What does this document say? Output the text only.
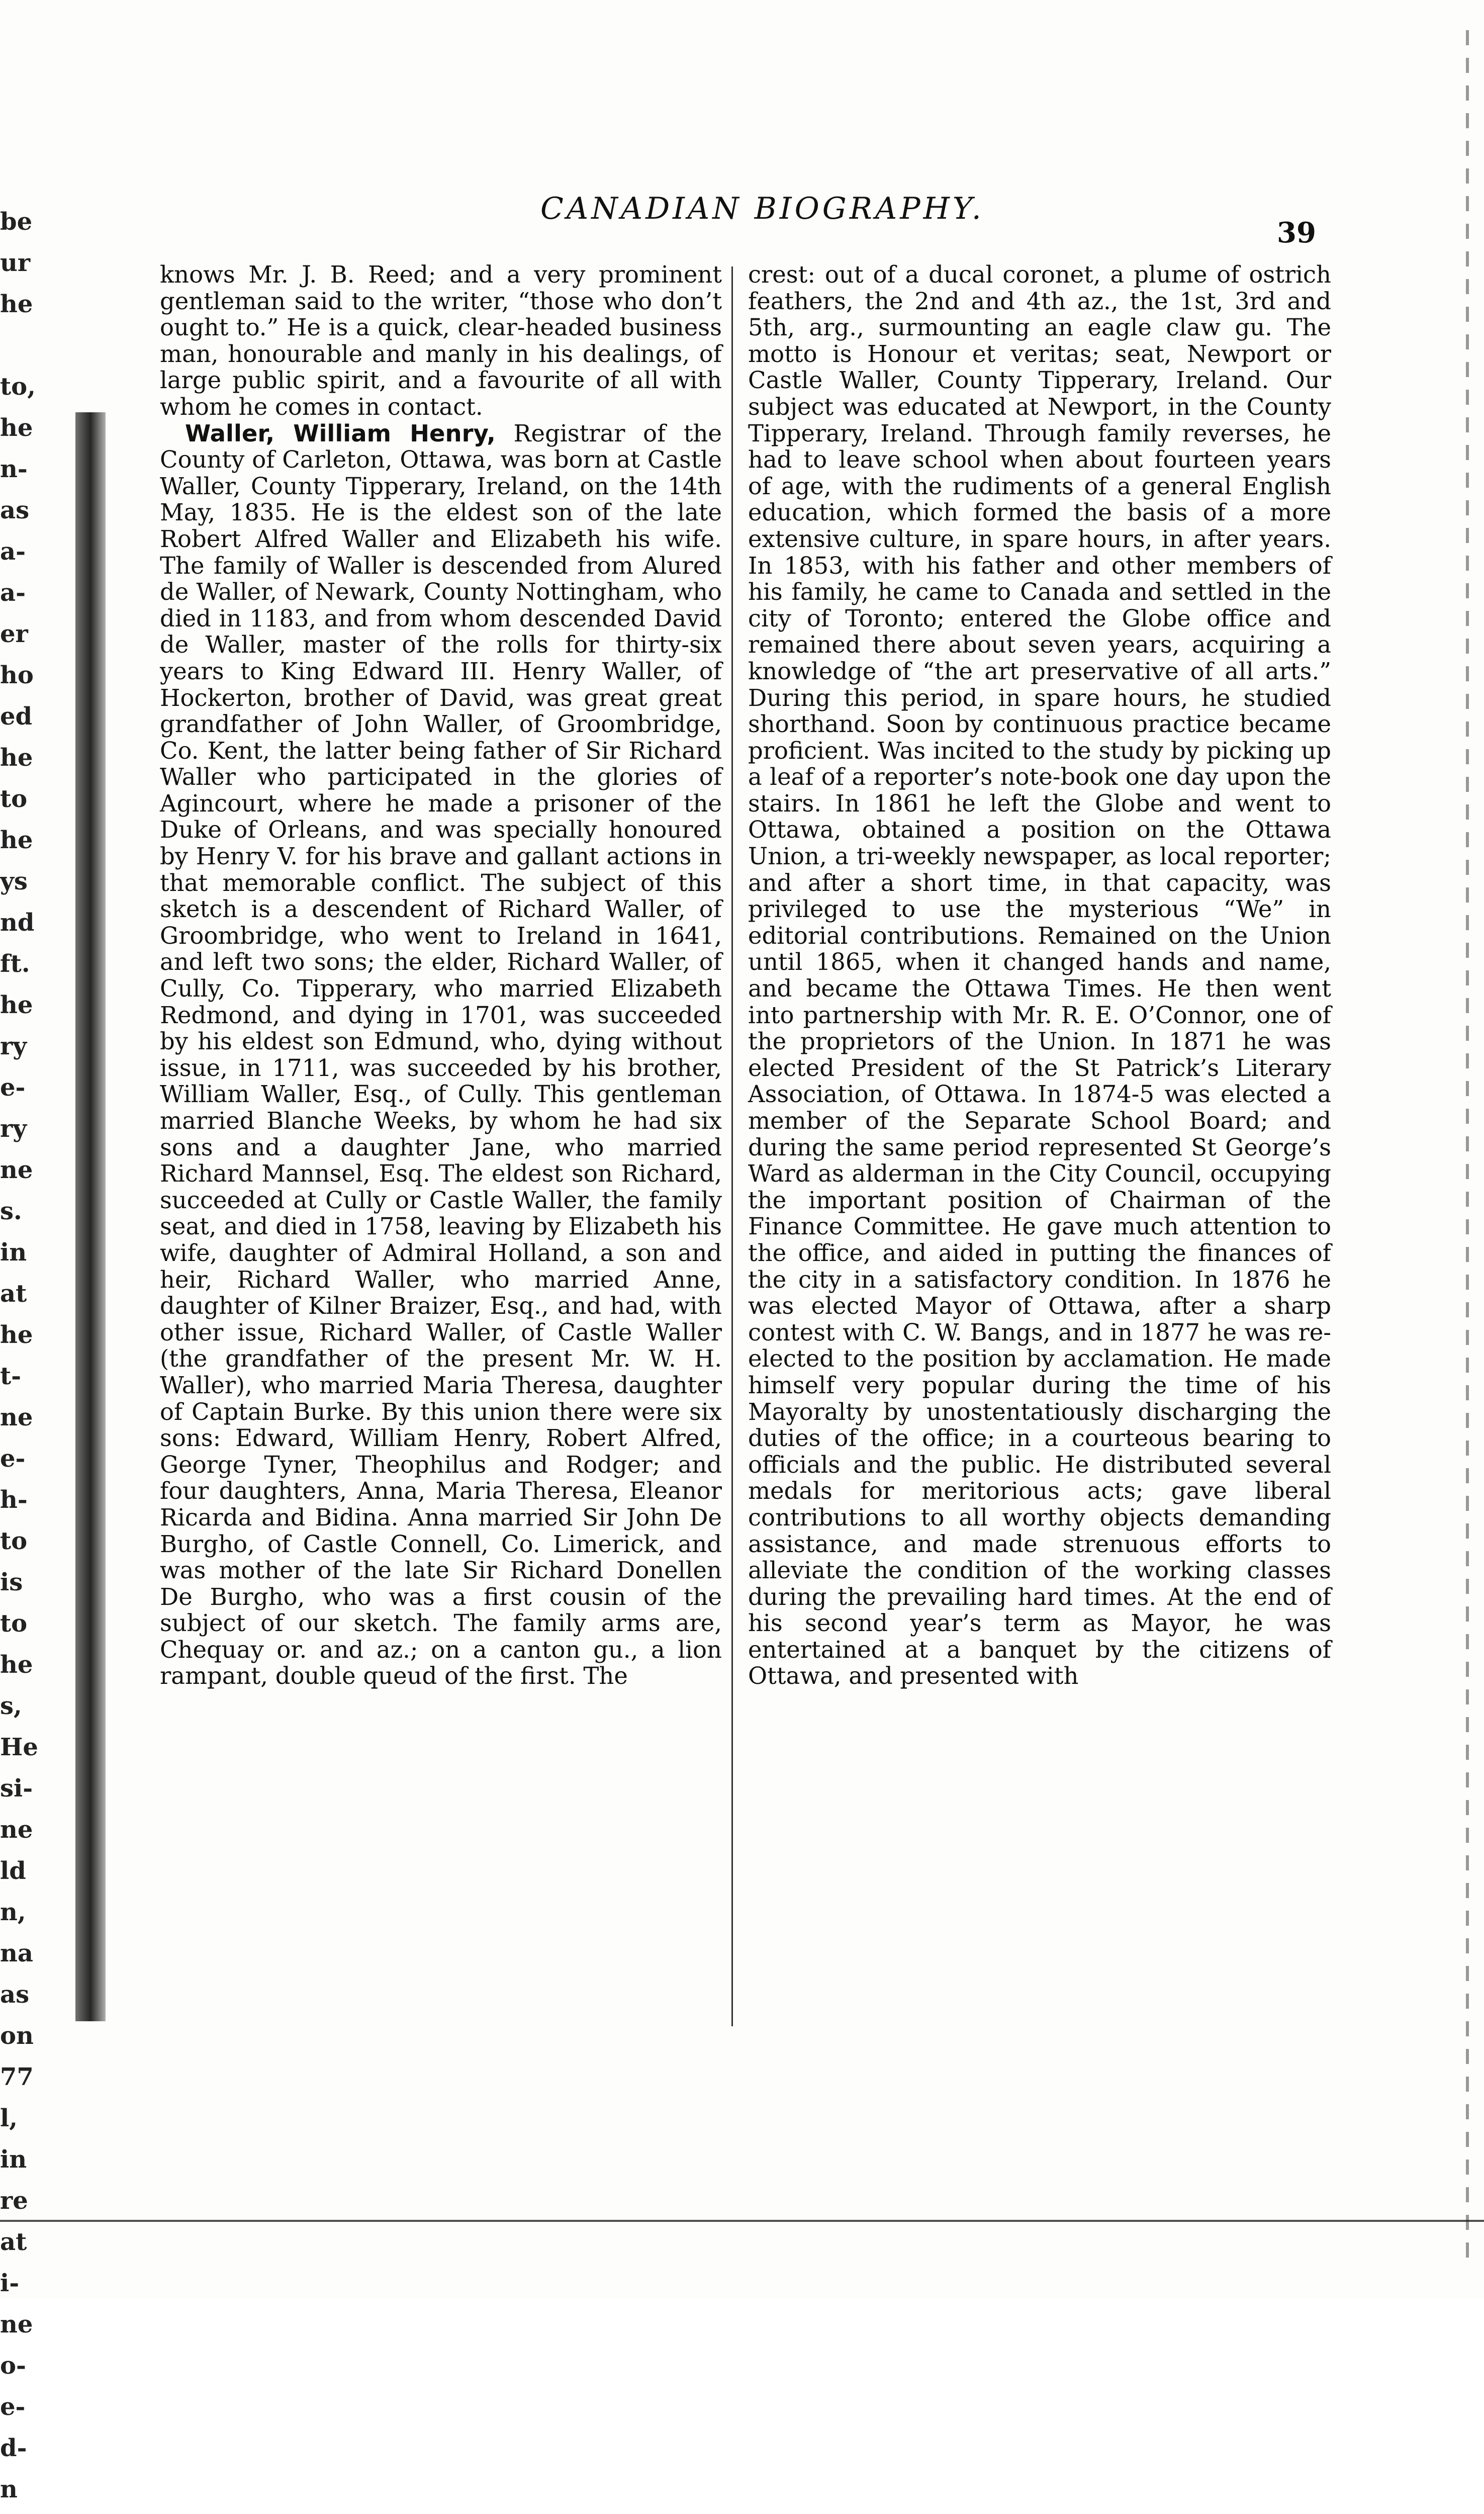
be
ur
he

to,
he
n-
as
a-
a-
er
ho
ed
he
to
he
ys
nd
ft.
he
ry
e-
ry
ne
s.
in
at
he
t-
ne
e-
h-
to
is
to
he
s,
He
si-
ne
ld
n,
na
as
on
77
l,
in
re
at
i-
ne
o-
e-
d-
n
CANADIAN BIOGRAPHY.
39

knows Mr. J. B. Reed; and a very prominent gentleman said to the writer, “those who don’t ought to.” He is a quick, clear-headed business man, honourable and manly in his dealings, of large public spirit, and a favourite of all with whom he comes in contact.

Waller, William Henry, Registrar of the County of Carleton, Ottawa, was born at Castle Waller, County Tipperary, Ireland, on the 14th May, 1835. He is the eldest son of the late Robert Alfred Waller and Elizabeth his wife. The family of Waller is descended from Alured de Waller, of Newark, County Nottingham, who died in 1183, and from whom descended David de Waller, master of the rolls for thirty-six years to King Edward III. Henry Waller, of Hockerton, brother of David, was great great grandfather of John Waller, of Groombridge, Co. Kent, the latter being father of Sir Richard Waller who participated in the glories of Agincourt, where he made a prisoner of the Duke of Orleans, and was specially honoured by Henry V. for his brave and gallant actions in that memorable conflict. The subject of this sketch is a descendent of Richard Waller, of Groombridge, who went to Ireland in 1641, and left two sons; the elder, Richard Waller, of Cully, Co. Tipperary, who married Elizabeth Redmond, and dying in 1701, was succeeded by his eldest son Edmund, who, dying without issue, in 1711, was succeeded by his brother, William Waller, Esq., of Cully. This gentleman married Blanche Weeks, by whom he had six sons and a daughter Jane, who married Richard Mannsel, Esq. The eldest son Richard, succeeded at Cully or Castle Waller, the family seat, and died in 1758, leaving by Elizabeth his wife, daughter of Admiral Holland, a son and heir, Richard Waller, who married Anne, daughter of Kilner Braizer, Esq., and had, with other issue, Richard Waller, of Castle Waller (the grandfather of the present Mr. W. H. Waller), who married Maria Theresa, daughter of Captain Burke. By this union there were six sons: Edward, William Henry, Robert Alfred, George Tyner, Theophilus and Rodger; and four daughters, Anna, Maria Theresa, Eleanor Ricarda and Bidina. Anna married Sir John De Burgho, of Castle Connell, Co. Limerick, and was mother of the late Sir Richard Donellen De Burgho, who was a first cousin of the subject of our sketch. The family arms are, Chequay or. and az.; on a canton gu., a lion rampant, double queud of the first. The

crest: out of a ducal coronet, a plume of ostrich feathers, the 2nd and 4th az., the 1st, 3rd and 5th, arg., surmounting an eagle claw gu. The motto is Honour et veritas; seat, Newport or Castle Waller, County Tipperary, Ireland. Our subject was educated at Newport, in the County Tipperary, Ireland. Through family reverses, he had to leave school when about fourteen years of age, with the rudiments of a general English education, which formed the basis of a more extensive culture, in spare hours, in after years. In 1853, with his father and other members of his family, he came to Canada and settled in the city of Toronto; entered the Globe office and remained there about seven years, acquiring a knowledge of “the art preservative of all arts.” During this period, in spare hours, he studied shorthand. Soon by continuous practice became proficient. Was incited to the study by picking up a leaf of a reporter’s note-book one day upon the stairs. In 1861 he left the Globe and went to Ottawa, obtained a position on the Ottawa Union, a tri-weekly newspaper, as local reporter; and after a short time, in that capacity, was privileged to use the mysterious “We” in editorial contributions. Remained on the Union until 1865, when it changed hands and name, and became the Ottawa Times. He then went into partnership with Mr. R. E. O’Connor, one of the proprietors of the Union. In 1871 he was elected President of the St Patrick’s Literary Association, of Ottawa. In 1874-5 was elected a member of the Separate School Board; and during the same period represented St George’s Ward as alderman in the City Council, occupying the important position of Chairman of the Finance Committee. He gave much attention to the office, and aided in putting the finances of the city in a satisfactory condition. In 1876 he was elected Mayor of Ottawa, after a sharp contest with C. W. Bangs, and in 1877 he was re-elected to the position by acclamation. He made himself very popular during the time of his Mayoralty by unostentatiously discharging the duties of the office; in a courteous bearing to officials and the public. He distributed several medals for meritorious acts; gave liberal contributions to all worthy objects demanding assistance, and made strenuous efforts to alleviate the condition of the working classes during the prevailing hard times. At the end of his second year’s term as Mayor, he was entertained at a banquet by the citizens of Ottawa, and presented with
